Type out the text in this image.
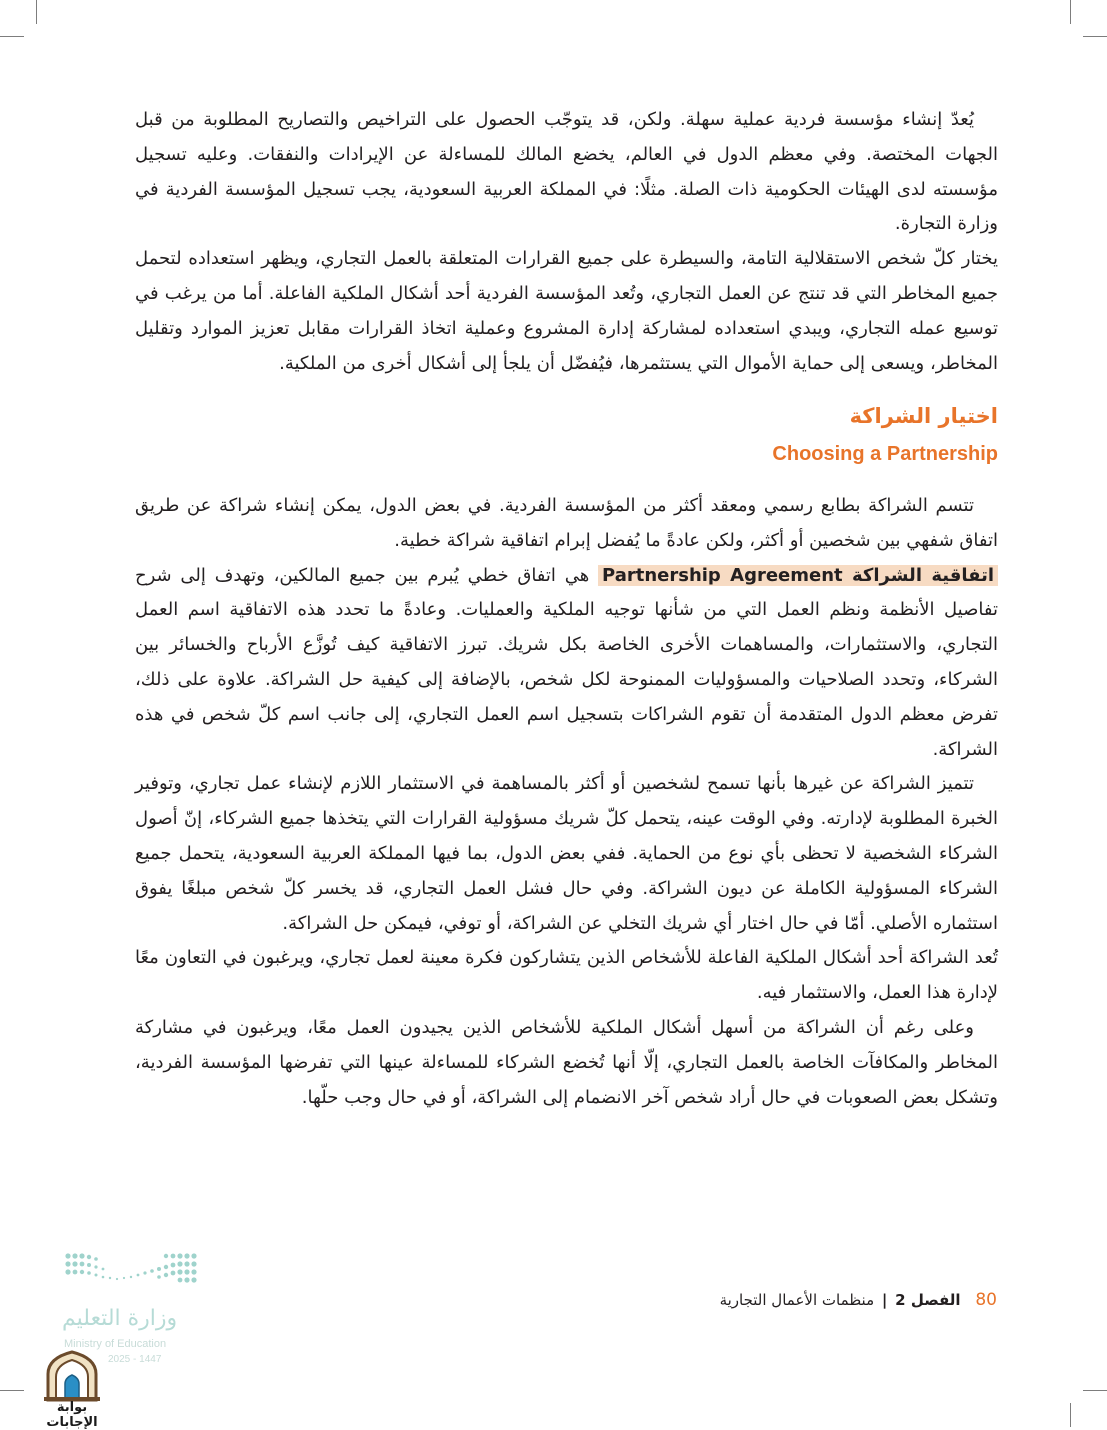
يُعدّ إنشاء مؤسسة فردية عملية سهلة. ولكن، قد يتوجّب الحصول على التراخيص والتصاريح المطلوبة من قبل الجهات المختصة. وفي معظم الدول في العالم، يخضع المالك للمساءلة عن الإيرادات والنفقات. وعليه تسجيل مؤسسته لدى الهيئات الحكومية ذات الصلة. مثلًا: في المملكة العربية السعودية، يجب تسجيل المؤسسة الفردية في وزارة التجارة.

يختار كلّ شخص الاستقلالية التامة، والسيطرة على جميع القرارات المتعلقة بالعمل التجاري، ويظهر استعداده لتحمل جميع المخاطر التي قد تنتج عن العمل التجاري، وتُعد المؤسسة الفردية أحد أشكال الملكية الفاعلة. أما من يرغب في توسيع عمله التجاري، ويبدي استعداده لمشاركة إدارة المشروع وعملية اتخاذ القرارات مقابل تعزيز الموارد وتقليل المخاطر، ويسعى إلى حماية الأموال التي يستثمرها، فيُفضّل أن يلجأ إلى أشكال أخرى من الملكية.

اختيار الشراكة
Choosing a Partnership

تتسم الشراكة بطابع رسمي ومعقد أكثر من المؤسسة الفردية. في بعض الدول، يمكن إنشاء شراكة عن طريق اتفاق شفهي بين شخصين أو أكثر، ولكن عادةً ما يُفضل إبرام اتفاقية شراكة خطية.

اتفاقية الشراكة Partnership Agreement هي اتفاق خطي يُبرم بين جميع المالكين، وتهدف إلى شرح تفاصيل الأنظمة ونظم العمل التي من شأنها توجيه الملكية والعمليات. وعادةً ما تحدد هذه الاتفاقية اسم العمل التجاري، والاستثمارات، والمساهمات الأخرى الخاصة بكل شريك. تبرز الاتفاقية كيف تُوزَّع الأرباح والخسائر بين الشركاء، وتحدد الصلاحيات والمسؤوليات الممنوحة لكل شخص، بالإضافة إلى كيفية حل الشراكة. علاوة على ذلك، تفرض معظم الدول المتقدمة أن تقوم الشراكات بتسجيل اسم العمل التجاري، إلى جانب اسم كلّ شخص في هذه الشراكة.

تتميز الشراكة عن غيرها بأنها تسمح لشخصين أو أكثر بالمساهمة في الاستثمار اللازم لإنشاء عمل تجاري، وتوفير الخبرة المطلوبة لإدارته. وفي الوقت عينه، يتحمل كلّ شريك مسؤولية القرارات التي يتخذها جميع الشركاء، إنّ أصول الشركاء الشخصية لا تحظى بأي نوع من الحماية. ففي بعض الدول، بما فيها المملكة العربية السعودية، يتحمل جميع الشركاء المسؤولية الكاملة عن ديون الشراكة. وفي حال فشل العمل التجاري، قد يخسر كلّ شخص مبلغًا يفوق استثماره الأصلي. أمّا في حال اختار أي شريك التخلي عن الشراكة، أو توفي، فيمكن حل الشراكة.

تُعد الشراكة أحد أشكال الملكية الفاعلة للأشخاص الذين يتشاركون فكرة معينة لعمل تجاري، ويرغبون في التعاون معًا لإدارة هذا العمل، والاستثمار فيه.

وعلى رغم أن الشراكة من أسهل أشكال الملكية للأشخاص الذين يجيدون العمل معًا، ويرغبون في مشاركة المخاطر والمكافآت الخاصة بالعمل التجاري، إلّا أنها تُخضع الشركاء للمساءلة عينها التي تفرضها المؤسسة الفردية، وتشكل بعض الصعوبات في حال أراد شخص آخر الانضمام إلى الشراكة، أو في حال وجب حلّها.

80 الفصل 2 | منظمات الأعمال التجارية
وزارة التعليم
Ministry of Education
2025 - 1447
بوابة الإجابات
